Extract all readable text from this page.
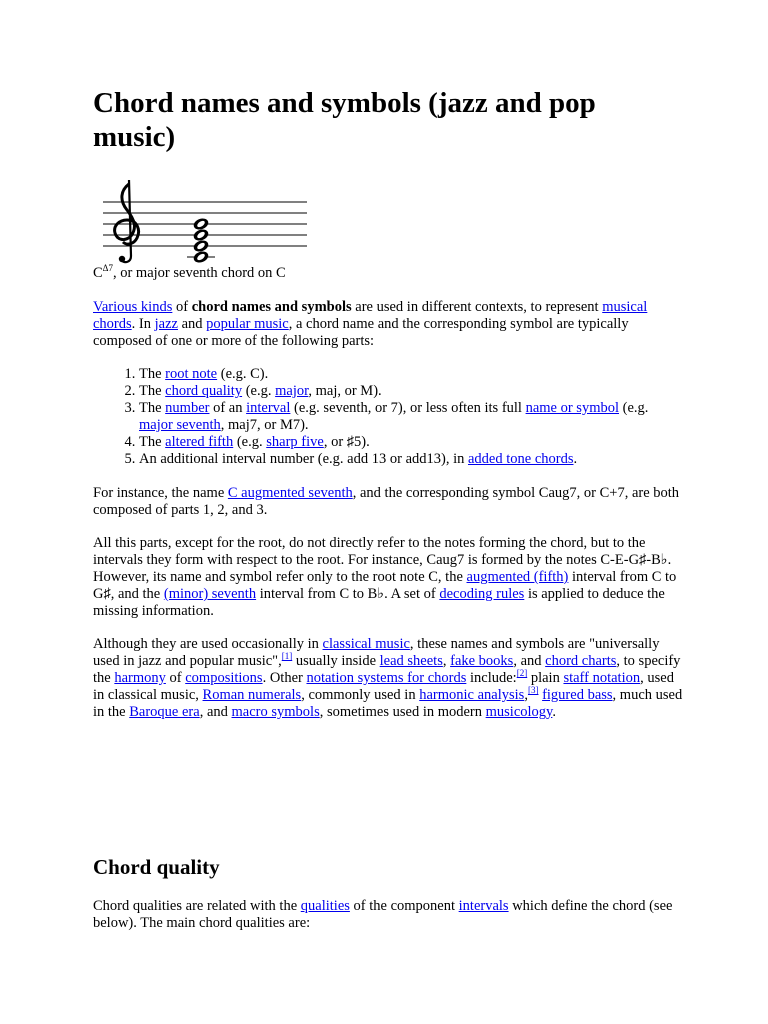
Chord names and symbols (jazz and pop music)
$C^{\Delta 7}$, or major seventh chord on C

Various kinds of chord names and symbols are used in different contexts, to represent musical chords. In jazz and popular music, a chord name and the corresponding symbol are typically composed of one or more of the following parts:

1. The root note (e.g. C).
2. The chord quality (e.g. major, maj, or M).
3. The number of an interval (e.g. seventh, or 7), or less often its full name or symbol (e.g. major seventh, maj7, or M7).
4. The altered fifth (e.g. sharp five, or ♯5).
5. An additional interval number (e.g. add 13 or add13), in added tone chords.

For instance, the name C augmented seventh, and the corresponding symbol Caug7, or C+7, are both composed of parts 1, 2, and 3.

All this parts, except for the root, do not directly refer to the notes forming the chord, but to the intervals they form with respect to the root. For instance, Caug7 is formed by the notes C-E-G♯-B♭. However, its name and symbol refer only to the root note C, the augmented (fifth) interval from C to G♯, and the (minor) seventh interval from C to B♭. A set of decoding rules is applied to deduce the missing information.

Although they are used occasionally in classical music, these names and symbols are "universally used in jazz and popular music",[1] usually inside lead sheets, fake books, and chord charts, to specify the harmony of compositions. Other notation systems for chords include:[2] plain staff notation, used in classical music, Roman numerals, commonly used in harmonic analysis,[3] figured bass, much used in the Baroque era, and macro symbols, sometimes used in modern musicology.

Chord quality

Chord qualities are related with the qualities of the component intervals which define the chord (see below). The main chord qualities are:
